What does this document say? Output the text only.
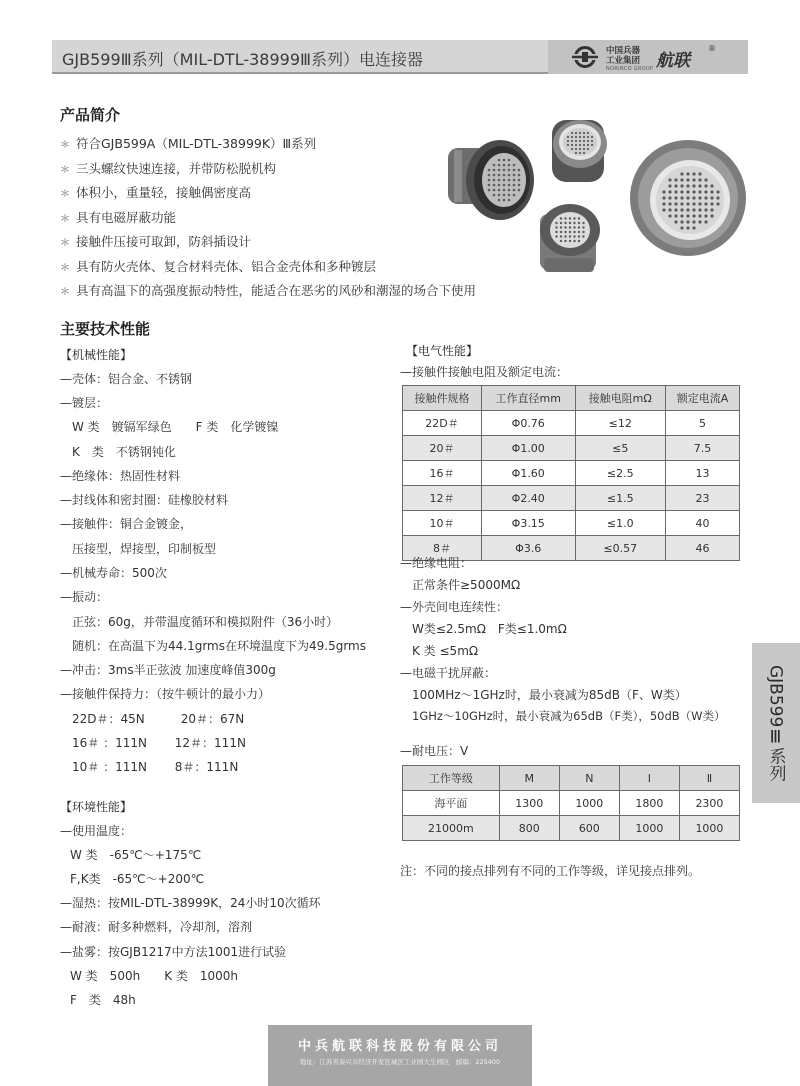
GJB599Ⅲ系列（MIL-DTL-38999Ⅲ系列）电连接器	中国兵器
工业集团
NORINCO GROUP 航联
®
产品简介
＊ 符合GJB599A（MIL-DTL-38999K）Ⅲ系列
＊ 三头螺纹快速连接，并带防松脱机构
＊ 体积小，重量轻，接触偶密度高
＊ 具有电磁屏蔽功能
＊ 接触件压接可取卸，防斜插设计
＊ 具有防火壳体、复合材料壳体、铝合金壳体和多种镀层
＊ 具有高温下的高强度振动特性，能适合在恶劣的风砂和潮湿的场合下使用
主要技术性能
【机械性能】
—壳体：铝合金、不锈钢
—镀层：
W 类　镀镉军绿色　　F 类　化学镀镍
K　类　不锈钢钝化
—绝缘体：热固性材料
—封线体和密封圈：硅橡胶材料
—接触件：铜合金镀金，
压接型，焊接型，印制板型
—机械寿命：500次
—振动：
正弦：60g，并带温度循环和模拟附件（36小时）
随机：在高温下为44.1grms在环境温度下为49.5grms
—冲击：3ms半正弦波 加速度峰值300g
—接触件保持力：（按牛顿计的最小力）
22D＃：45N　　　20＃：67N
16＃ ：111N　　 12＃：111N
10＃ ：111N　　 8＃：111N
【环境性能】
—使用温度：
W 类　-65℃～+175℃
F,K类　-65℃～+200℃
—湿热：按MIL-DTL-38999K，24小时10次循环
—耐液：耐多种燃料，冷却剂，溶剂
—盐雾：按GJB1217中方法1001进行试验
W 类　500h　　K 类　1000h
F　类　48h
【电气性能】
—接触件接触电阻及额定电流：
接触件规格	工作直径mm	接触电阻mΩ	额定电流A
22D＃	Φ0.76	≤12	5
20＃	Φ1.00	≤5	7.5
16＃	Φ1.60	≤2.5	13
12＃	Φ2.40	≤1.5	23
10＃	Φ3.15	≤1.0	40
8＃	Φ3.6	≤0.57	46
—绝缘电阻：
正常条件≥5000MΩ
—外壳间电连续性：
W类≤2.5mΩ　F类≤1.0mΩ
K 类 ≤5mΩ
—电磁干扰屏蔽：
100MHz～1GHz时，最小衰减为85dB（F、W类）
1GHz～10GHz时，最小衰减为65dB（F类），50dB（W类）
—耐电压：V
工作等级	M	N	Ⅰ	Ⅱ
海平面	1300	1000	1800	2300
21000m	800	600	1000	1000
注：不同的接点排列有不同的工作等级，详见接点排列。
GJB599Ⅲ系列
中兵航联科技股份有限公司
地址：江苏省泰兴市经济开发区城区工业园大生园区　邮编：225400
